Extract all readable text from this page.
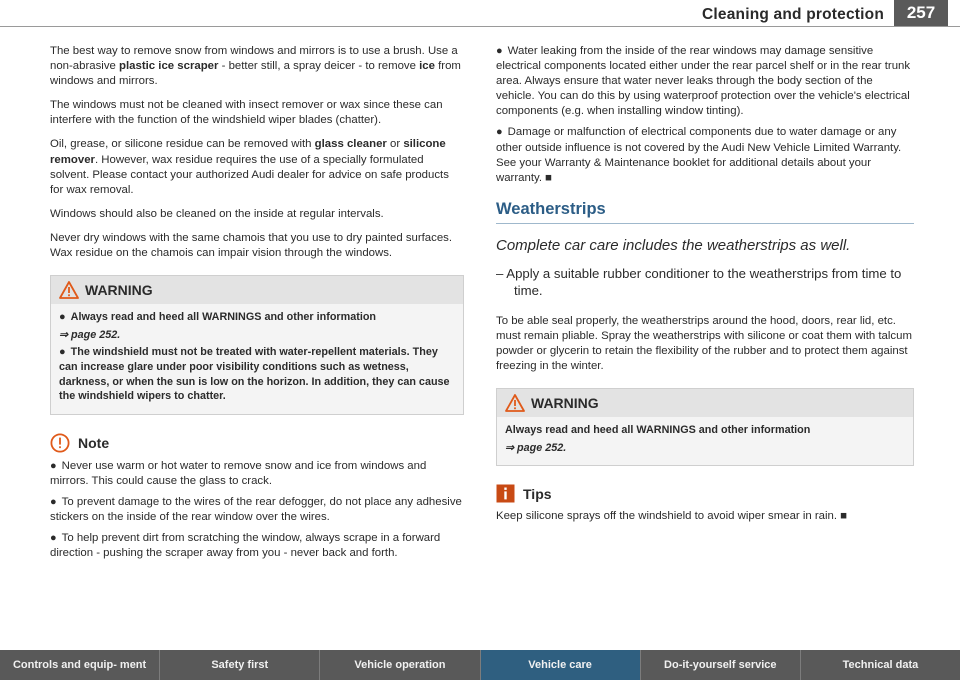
Cleaning and protection	257

The best way to remove snow from windows and mirrors is to use a brush. Use a non-abrasive plastic ice scraper - better still, a spray deicer - to remove ice from windows and mirrors.

The windows must not be cleaned with insect remover or wax since these can interfere with the function of the windshield wiper blades (chatter).

Oil, grease, or silicone residue can be removed with glass cleaner or silicone remover. However, wax residue requires the use of a specially formulated solvent. Please contact your authorized Audi dealer for advice on safe products for wax removal.

Windows should also be cleaned on the inside at regular intervals.

Never dry windows with the same chamois that you use to dry painted surfaces. Wax residue on the chamois can impair vision through the windows.

WARNING

● Always read and heed all WARNINGS and other information

⇒ page 252.

● The windshield must not be treated with water-repellent materials. They can increase glare under poor visibility conditions such as wetness, darkness, or when the sun is low on the horizon. In addition, they can cause the windshield wipers to chatter.

Note

● Never use warm or hot water to remove snow and ice from windows and mirrors. This could cause the glass to crack.

● To prevent damage to the wires of the rear defogger, do not place any adhesive stickers on the inside of the rear window over the wires.

● To help prevent dirt from scratching the window, always scrape in a forward direction - pushing the scraper away from you - never back and forth.

● Water leaking from the inside of the rear windows may damage sensitive electrical components located either under the rear parcel shelf or in the rear trunk area. Always ensure that water never leaks through the body section of the vehicle. You can do this by using waterproof protection over the vehicle's electrical components (e.g. when installing window tinting).

● Damage or malfunction of electrical components due to water damage or any other outside influence is not covered by the Audi New Vehicle Limited Warranty. See your Warranty & Maintenance booklet for additional details about your warranty. ■

Weatherstrips
Complete car care includes the weatherstrips as well.
– Apply a suitable rubber conditioner to the weatherstrips from time to time.

To be able seal properly, the weatherstrips around the hood, doors, rear lid, etc. must remain pliable. Spray the weatherstrips with silicone or coat them with talcum powder or glycerin to retain the flexibility of the rubber and to protect them against freezing in the winter.

WARNING

Always read and heed all WARNINGS and other information

⇒ page 252.

Tips

Keep silicone sprays off the windshield to avoid wiper smear in rain. ■

Controls and equip- ment	Safety first	Vehicle operation	Vehicle care	Do-it-yourself service	Technical data
